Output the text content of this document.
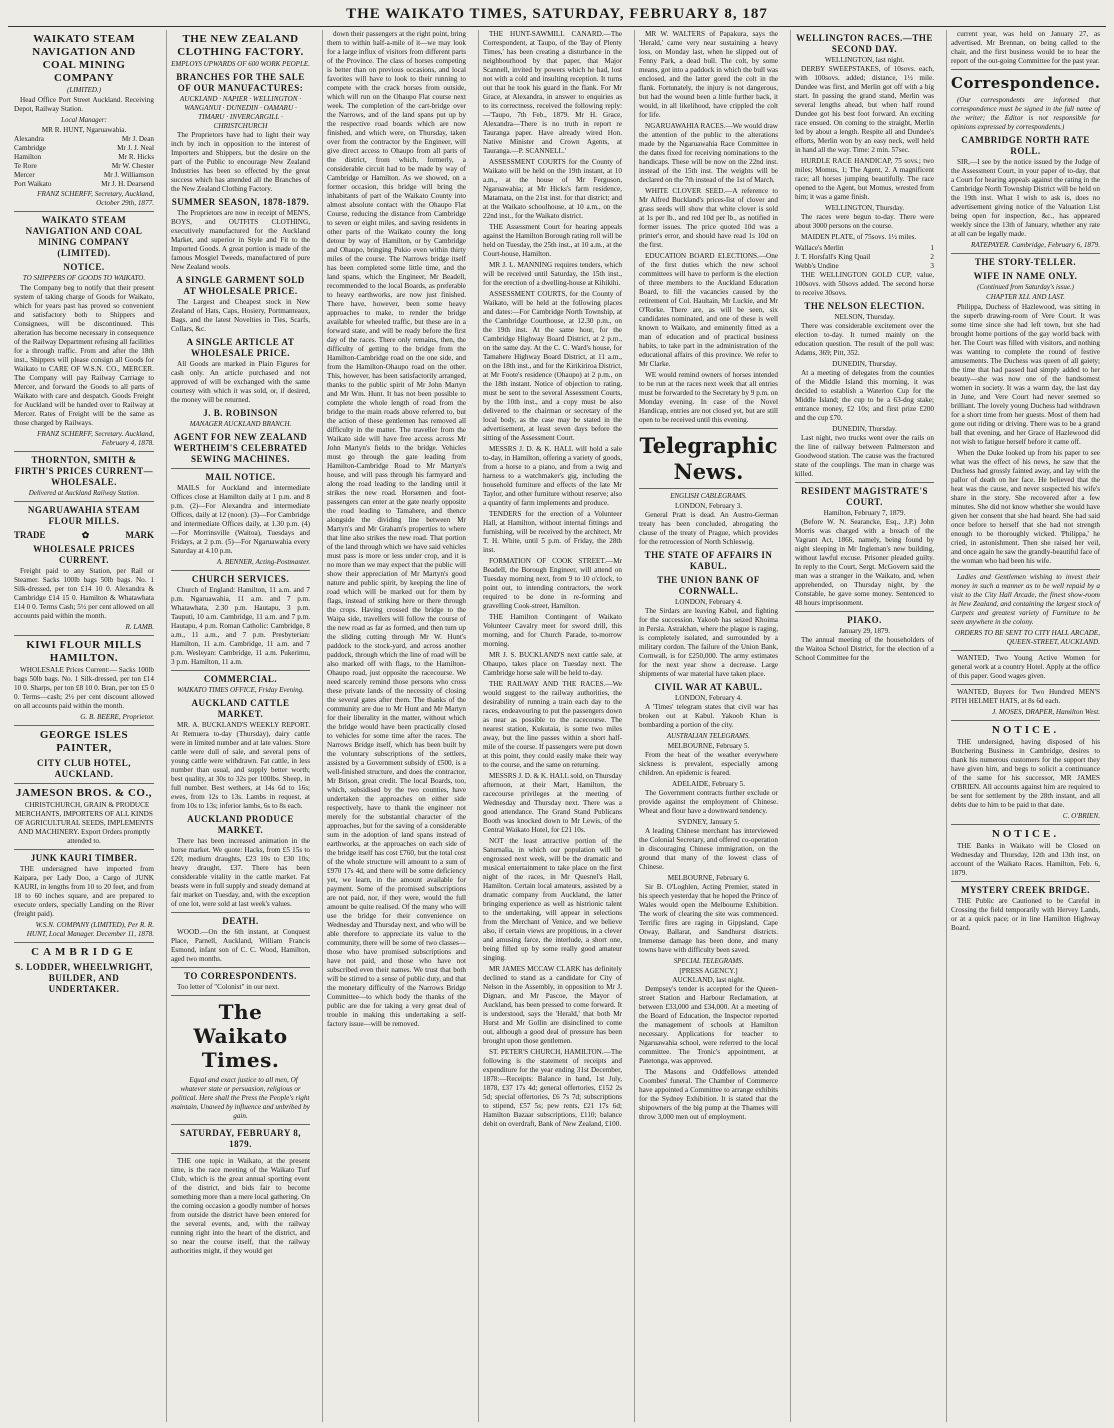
THE WAIKATO TIMES, SATURDAY, FEBRUARY 8, 187
WAIKATO STEAM NAVIGATION AND COAL MINING COMPANY
(LIMITED.)

Head Office Port Street Auckland. Receiving Depot, Railway Station.

Local Manager:
MR R. HUNT, Ngaruawahia.
Alexandra	Mr J. Dean
Cambridge	Mr J. J. Neal
Hamilton	Mr R. Hicks
Te Rore	Mr W. Chester
Mercer	Mr J. Williamson
Port Waikato	Mr J. H. Dearsend
FRANZ SCHERFF, Secretary, Auckland, October 29th, 1877.
WAIKATO STEAM NAVIGATION AND COAL MINING COMPANY (LIMITED).
NOTICE.
TO SHIPPERS OF GOODS TO WAIKATO.

The Company beg to notify that their present system of taking charge of Goods for Waikato, which for years past has proved so convenient and satisfactory both to Shippers and Consignees, will be discontinued. This alteration has become necessary in consequence of the Railway Department refusing all facilities for a through traffic. From and after the 18th inst., Shippers will please consign all Goods for Waikato to CARE OF W.S.N. CO., MERCER. The Company will pay Railway Carriage to Mercer, and forward the Goods to all parts of Waikato with care and despatch. Goods Freight for Auckland will be handed over to Railway at Mercer. Rates of Freight will be the same as those charged by Railways.

FRANZ SCHERFF, Secretary. Auckland, February 4, 1878.
THORNTON, SMITH & FIRTH'S PRICES CURRENT—WHOLESALE.
Delivered at Auckland Railway Station.
NGARUAWAHIA STEAM FLOUR MILLS.
TRADE	✿	MARK
WHOLESALE PRICES CURRENT.

Freight paid to any Station, per Rail or Steamer. Sacks 100lb bags 50lb bags. No. 1 Silk-dressed, per ton £14 10 0. Alexandra & Cambridge £14 15 0. Hamilton & Whatawhata £14 0 0. Terms Cash; 5½ per cent allowed on all accounts paid within the month.

R. LAMB.
KIWI FLOUR MILLS HAMILTON.

WHOLESALE Prices Current:— Sacks 100lb bags 50lb bags. No. 1 Silk-dressed, per ton £14 10 0. Sharps, per ton £8 10 0. Bran, per ton £5 0 0. Terms—cash; 2½ per cent discount allowed on all accounts paid within the month.

G. B. BEERE, Proprietor.
GEORGE ISLES PAINTER,
CITY CLUB HOTEL, AUCKLAND.
JAMESON BROS. & CO.,

CHRISTCHURCH, GRAIN & PRODUCE MERCHANTS, IMPORTERS OF ALL KINDS OF AGRICULTURAL SEEDS, IMPLEMENTS AND MACHINERY. Export Orders promptly attended to.

JUNK KAURI TIMBER.

THE undersigned have imported from Kaipara, per Lady Doo, a Cargo of JUNK KAURI, in lengths from 10 to 20 feet, and from 18 to 60 inches square, and are prepared to execute orders, specially Landing on the River (freight paid).

W.S.N. COMPANY (LIMITED), Per R. R. HUNT, Local Manager. December 11, 1878.
CAMBRIDGE
S. LODDER, WHEELWRIGHT, BUILDER, AND UNDERTAKER.
THE NEW ZEALAND CLOTHING FACTORY.
EMPLOYS UPWARDS OF 600 WORK PEOPLE.
BRANCHES FOR THE SALE OF OUR MANUFACTURES:
AUCKLAND · NAPIER · WELLINGTON · WANGANUI · DUNEDIN · OAMARU · TIMARU · INVERCARGILL · CHRISTCHURCH

The Proprietors have had to light their way inch by inch in opposition to the interest of Importers and Shippers, but the desire on the part of the Public to encourage New Zealand Industries has been so effected by the great success which has attended all the Branches of the New Zealand Clothing Factory.

SUMMER SEASON, 1878-1879.

The Proprietors are now in receipt of MEN'S, BOYS, and OUTFITS CLOTHING, executively manufactured for the Auckland Market, and superior in Style and Fit to the Imported Goods. A great portion is made of the famous Mosgiel Tweeds, manufactured of pure New Zealand wools.

A SINGLE GARMENT SOLD AT WHOLESALE PRICE.

The Largest and Cheapest stock in New Zealand of Hats, Caps, Hosiery, Portmanteaux, Bags, and the latest Novelties in Ties, Scarfs, Collars, &c.

A SINGLE ARTICLE AT WHOLESALE PRICE.

All Goods are marked in Plain Figures for cash only. An article purchased and not approved of will be exchanged with the same courtesy with which it was sold, or, if desired, the money will be returned.

J. B. ROBINSON
MANAGER AUCKLAND BRANCH.
AGENT FOR NEW ZEALAND WERTHEIM'S CELEBRATED SEWING MACHINES.
MAIL NOTICE.

MAILS for Auckland and intermediate Offices close at Hamilton daily at 1 p.m. and 8 p.m. (2)—For Alexandra and intermediate Offices, daily at 12 (noon). (3)—For Cambridge and intermediate Offices daily, at 1.30 p.m. (4)—For Morrinsville (Waitoa), Tuesdays and Fridays, at 2 p.m. (5)—For Ngaruawahia every Saturday at 4.10 p.m.

A. BENNER, Acting-Postmaster.
CHURCH SERVICES.

Church of England: Hamilton, 11 a.m. and 7 p.m. Ngaruawahia, 11 a.m. and 7 p.m. Whatawhata, 2.30 p.m. Hautapu, 3 p.m. Tauputi, 10 a.m. Cambridge, 11 a.m. and 7 p.m. Hautapu, 4 p.m. Roman Catholic: Cambridge, 8 a.m., 11 a.m., and 7 p.m. Presbyterian: Hamilton, 11 a.m. Cambridge, 11 a.m. and 7 p.m. Wesleyan: Cambridge, 11 a.m. Pukerimu, 3 p.m. Hamilton, 11 a.m.

COMMERCIAL.
WAIKATO TIMES OFFICE, Friday Evening.
AUCKLAND CATTLE MARKET.

MR. A. BUCKLAND'S WEEKLY REPORT. At Remuera to-day (Thursday), dairy cattle were in limited number and at late values. Store cattle were dull of sale, and several pens of young cattle were withdrawn. Fat cattle, in less number than usual, and supply better worth; best quality, at 30s to 32s per 100lbs. Sheep, in full number. Best wethers, at 14s 6d to 16s; ewes, from 12s to 13s. Lambs in request, at from 10s to 13s; inferior lambs, 6s to 8s each.

AUCKLAND PRODUCE MARKET.

There has been increased animation in the horse market. We quote: Hacks, from £5 15s to £20; medium draughts, £23 10s to £30 10s; heavy draught, £37. There has been considerable vitality in the cattle market. Fat beasts were in full supply and steady demand at fair market on Tuesday, and, with the exception of one lot, were sold at last week's values.

DEATH.

WOOD.—On the 6th instant, at Conquest Place, Parnell, Auckland, William Francis Esmond, infant son of C. C. Wood, Hamilton, aged two months.

TO CORRESPONDENTS.

Too letter of "Colonist" in our next.

The Waikato Times.

Equal and exact justice to all men, Of whatever state or persuasion, religious or political. Here shall the Press the People's right maintain, Unawed by influence and unbribed by gain.

SATURDAY, FEBRUARY 8, 1879.

THE one topic in Waikato, at the present time, is the race meeting of the Waikato Turf Club, which is the great annual sporting event of the district, and bids fair to become something more than a mere local gathering. On the coming occasion a goodly number of horses from outside the district have been entered for the several events, and, with the railway running right into the heart of the district, and so near the course itself, that the railway authorities might, if they would get

down their passengers at the right point, bring them to within half-a-mile of it—we may look for a large influx of visitors from different parts of the Province. The class of horses competing is better than on previous occasions, and local favorites will have to look to their running to compete with the crack horses from outside, which will run on the Ohaupo Flat course next week. The completion of the cart-bridge over the Narrows, and of the land spans put up by the respective road boards which are now finished, and which were, on Thursday, taken over from the contractor by the Engineer, will give direct access to Ohaupo from all parts of the district, from which, formerly, a considerable circuit had to be made by way of Cambridge or Hamilton. As we showed, on a former occasion, this bridge will bring the inhabitants of part of the Waikato County into almost absolute contact with the Ohaupo Flat Course, reducing the distance from Cambridge to seven or eight miles, and saving residents in other parts of the Waikato county the long detour by way of Hamilton, or by Cambridge and Ohaupo, bringing Pukio even within thirty miles of the course. The Narrows bridge itself has been completed some little time, and the land spans, which the Engineer, Mr Beadell, recommended to the local Boards, as preferable to heavy earthworks, are now just finished. There have, however, been some heavy approaches to make, to render the bridge available for wheeled traffic, but these are in a forward state, and will be ready before the first day of the races. There only remains, then, the difficulty of getting to the bridge from the Hamilton-Cambridge road on the one side, and from the Hamilton-Ohaupo road on the other. This, however, has been satisfactorily arranged, thanks to the public spirit of Mr John Martyn and Mr Wm. Hunt. It has not been possible to complete the whole length of road from the bridge to the main roads above referred to, but the action of these gentlemen has removed all difficulty in the matter. The traveller from the Waikato side will have free access across Mr John Martyn's fields to the bridge. Vehicles must go through the gate leading from Hamilton-Cambridge Road to Mr Martyn's house, and will pass through his farmyard and along the road leading to the landing until it strikes the new road. Horsemen and foot-passengers can enter at the gate nearly opposite the road leading to Tamahere, and thence alongside the dividing line between Mr Martyn's and Mr Graham's properties to where that line also strikes the new road. That portion of the land through which we have said vehicles must pass is more or less under crop, and it is no more than we may expect that the public will show their appreciation of Mr Martyn's good nature and public spirit, by keeping the line of road which will be marked out for them by flags, instead of striking here or there through the crops. Having crossed the bridge to the Waipa side, travellers will follow the course of the new road as far as formed, and then turn up the sliding cutting through Mr W. Hunt's paddock to the stock-yard, and across another paddock, through which the line of road will be also marked off with flags, to the Hamilton-Ohaupo road, just opposite the racecourse. We need scarcely remind those persons who cross these private lands of the necessity of closing the several gates after them. The thanks of the community are due to Mr Hunt and Mr Martyn for their liberality in the matter, without which the bridge would have been practically closed to vehicles for some time after the races. The Narrows Bridge itself, which has been built by the voluntary subscriptions of the settlers, assisted by a Government subsidy of £500, is a well-finished structure, and does the contractor, Mr Brison, great credit. The local Boards, too, which, subsidised by the two counties, have undertaken the approaches on either side respectively, have to thank the engineer not merely for the substantial character of the approaches, but for the saving of a considerable sum in the adoption of land spans instead of earthworks, at the approaches on each side of the bridge itself has cost £760, but the total cost of the whole structure will amount to a sum of £970 17s 4d, and there will be some deficiency yet, we learn, in the amount available for payment. Some of the promised subscriptions are not paid, nor, if they were, would the full amount be quite realised. Of the many who will use the bridge for their convenience on Wednesday and Thursday next, and who will be able therefore to appreciate its value to the community, there will be some of two classes—those who have promised subscriptions and have not paid, and those who have not subscribed even their names. We trust that both will be stirred to a sense of public duty, and that the monetary difficulty of the Narrows Bridge Committee—to which body the thanks of the public are due for taking a very great deal of trouble in making this undertaking a self-factory issue—will be removed.

THE HUNT-SAWMILL CANARD.—The Correspondent, at Taupo, of the 'Bay of Plenty Times,' has been creating a disturbance in the neighbourhood by that paper, that Major Scannell, invited by powers which he had, lost not with a cold and insulting reception. It turns out that he took his guard in the flank. For Mr Grace, at Alexandra, in answer to enquiries as to its correctness, received the following reply:—'Taupo, 7th Feb., 1879. Mr H. Grace, Alexandra—There is no truth in report re Tauranga paper. Have already wired Hon. Native Minister and Crown Agents, at Tauranga.—P. SCANNELL.'

ASSESSMENT COURTS for the County of Waikato will be held on the 19th instant, at 10 a.m., at the house of Mr Ferguson, Ngaruawahia; at Mr Hicks's farm residence, Matamata, on the 21st inst. for that district; and at the Waikato schoolhouse, at 10 a.m., on the 22nd inst., for the Waikato district.

THE Assessment Court for hearing appeals against the Hamilton Borough rating roll will be held on Tuesday, the 25th inst., at 10 a.m., at the Court-house, Hamilton.

MR J. L. MANNING requires tenders, which will be received until Saturday, the 15th inst., for the erection of a dwelling-house at Kihikihi.

ASSESSMENT COURTS, for the County of Waikato, will be held at the following places and dates:—For Cambridge North Township, at the Cambridge Courthouse, at 12.30 p.m., on the 19th inst. At the same hour, for the Cambridge Highway Board District, at 2 p.m., on the same day. At the C. C. Ward's house, for Tamahere Highway Board District, at 11 a.m., on the 18th inst., and for the Kirikiriroa District, at Mr Foote's residence (Ohaupo) at 2 p.m., on the 18th instant. Notice of objection to rating, must be sent to the several Assessment Courts, by the 10th inst., and a copy must be also delivered to the chairman or secretary of the local body, as the case may be stated in the advertisement, at least seven days before the sitting of the Assessment Court.

MESSRS J. D. & K. HALL will hold a sale to-day, in Hamilton, offering a variety of goods, from a horse to a piano, and from a twig and harness to a watchmaker's gig, including the household furniture and effects of the late Mr Taylor, and other furniture without reserve; also a quantity of farm implements and produce.

TENDERS for the erection of a Volunteer Hall, at Hamilton, without internal fittings and furnishing, will be received by the architect, Mr T. H. White, until 5 p.m. of Friday, the 28th inst.

FORMATION OF COOK STREET.—Mr Beadell, the Borough Engineer, will attend on Tuesday morning next, from 9 to 10 o'clock, to point out, to intending contractors, the work required to be done in re-forming and gravelling Cook-street, Hamilton.

THE Hamilton Contingent of Waikato Volunteer Cavalry meet for sword drill, this morning, and for Church Parade, to-morrow morning.

MR J. S. BUCKLAND'S next cattle sale, at Ohaupo, takes place on Tuesday next. The Cambridge horse sale will be held to-day.

THE RAILWAY AND THE RACES.—We would suggest to the railway authorities, the desirability of running a train each day to the races, endeavouring to put the passengers down as near as possible to the racecourse. The nearest station, Kukutaia, is some two miles away, but the line passes within a short half-mile of the course. If passengers were put down at this point, they could easily make their way to the course, and the same on returning.

MESSRS J. D. & K. HALL sold, on Thursday afternoon, at their Mart, Hamilton, the racecourse privileges at the meeting of Wednesday and Thursday next. There was a good attendance. The Grand Stand Publicans Booth was knocked down to Mr Lewis, of the Central Waikato Hotel, for £21 10s.

NOT the least attractive portion of the Saturnalia, in which our population will be engrossed next week, will be the dramatic and musical entertainment to take place on the first night of the races, in Mr Quesnel's Hall, Hamilton. Certain local amateurs, assisted by a dramatic company from Auckland, the latter bringing experience as well as histrionic talent to the undertaking, will appear in selections from the Merchant of Venice, and we believe also, if certain views are propitious, in a clever and amusing farce, the interlude, a short one, being filled up by some really good amateur singing.

MR JAMES MCCAW CLARK has definitely declined to stand as a candidate for City of Nelson in the Assembly, in opposition to Mr J. Dignan, and Mr Pascoe, the Mayor of Auckland, has been pressed to come forward. It is understood, says the 'Herald,' that both Mr Hurst and Mr Gollin are disinclined to come out, although a good deal of pressure has been brought upon those gentlemen.

ST. PETER'S CHURCH, HAMILTON.—The following is the statement of receipts and expenditure for the year ending 31st December, 1878:—Receipts: Balance in hand, 1st July, 1878, £37 17s 4d; general offertories, £152 2s 5d; special offertories, £6 7s 7d; subscriptions to stipend, £57 5s; pew rents, £21 17s 6d; Hamilton Bazaar subscriptions, £110; balance debit on overdraft, Bank of New Zealand, £100.

MR W. WALTERS of Papakura, says the 'Herald,' came very near sustaining a heavy loss, on Monday last, when he slipped out of Fenny Park, a dead bull. The colt, by some means, got into a paddock in which the bull was enclosed, and the latter gored the colt in the flank. Fortunately, the injury is not dangerous, but had the wound been a little further back, it would, in all likelihood, have crippled the colt for life.

NGARUAWAHIA RACES.—We would draw the attention of the public to the alterations made by the Ngaruawahia Race Committee in the dates fixed for receiving nominations to the handicaps. These will be now on the 22nd inst. instead of the 15th inst. The weights will be declared on the 7th instead of the 1st of March.

WHITE CLOVER SEED.—A reference to Mr Alfred Buckland's prices-list of clover and grass seeds will show that white clover is sold at 1s per lb., and red 10d per lb., as notified in former issues. The price quoted 10d was a printer's error, and should have read 1s 10d on the first.

EDUCATION BOARD ELECTIONS.—One of the first duties which the new school committees will have to perform is the election of three members to the Auckland Education Board, to fill the vacancies caused by the retirement of Col. Haultain, Mr Luckie, and Mr O'Rorke. There are, as will be seen, six candidates nominated, and one of these is well known to Waikato, and eminently fitted as a man of education and of practical business habits, to take part in the administration of the educational affairs of this province. We refer to Mr Clarke.

WE would remind owners of horses intended to be run at the races next week that all entries must be forwarded to the Secretary by 9 p.m. on Monday evening. In case of the Novel Handicap, entries are not closed yet, but are still open to be received until this evening.

Telegraphic News.
ENGLISH CABLEGRAMS.
LONDON, February 3.

General Pratt is dead. An Austro-German treaty has been concluded, abrogating the clause of the treaty of Prague, which provides for the retrocession of North Schleswig.

THE STATE OF AFFAIRS IN KABUL.
THE UNION BANK OF CORNWALL.
LONDON, February 4.

The Sirdars are leaving Kabul, and fighting for the succession. Yakoob has seized Khoima in Persia. Astrakhan, where the plague is raging, is completely isolated, and surrounded by a military cordon. The failure of the Union Bank, Cornwall, is for £250,000. The army estimates for the next year show a decrease. Large shipments of war material have taken place.

CIVIL WAR AT KABUL.
LONDON, February 4.

A 'Times' telegram states that civil war has broken out at Kabul. Yakoob Khan is bombarding a portion of the city.

AUSTRALIAN TELEGRAMS.
MELBOURNE, February 5.

From the heat of the weather everywhere sickness is prevalent, especially among children. An epidemic is feared.

ADELAIDE, February 5.

The Government contracts further exclude or provide against the employment of Chinese. Wheat and flour have a downward tendency.

SYDNEY, January 5.

A leading Chinese merchant has interviewed the Colonial Secretary, and offered co-operation in discouraging Chinese immigration, on the ground that many of the lowest class of Chinese.

MELBOURNE, February 6.

Sir B. O'Loghlen, Acting Premier, stated in his speech yesterday that he hoped the Prince of Wales would open the Melbourne Exhibition. The work of clearing the site was commenced. Terrific fires are raging in Gippsland, Cape Otway, Ballarat, and Sandhurst districts. Immense damage has been done, and many towns have with difficulty been saved.

SPECIAL TELEGRAMS.
[PRESS AGENCY.]
AUCKLAND, last night.

Dempsey's tender is accepted for the Queen-street Station and Harbour Reclamation, at between £33,000 and £34,000. At a meeting of the Board of Education, the Inspector reported the management of schools at Hamilton necessary. Applications for teacher to Ngaruawahia school, were referred to the local committee. The Tronic's appointment, at Patetonga, was approved.

The Masons and Oddfellows attended Coombes' funeral. The Chamber of Commerce have appointed a Committee to arrange exhibits for the Sydney Exhibition. It is stated that the shipowners of the big pump at the Thames will throw 3,000 men out of employment.

WELLINGTON RACES.—THE SECOND DAY.
WELLINGTON, last night.

DERBY SWEEPSTAKES, of 10sovs. each, with 100sovs. added; distance, 1½ mile. Dundee was first, and Merlin got off with a big start. In passing the grand stand, Merlin was several lengths ahead, but when half round Dundee got his best foot forward. An exciting race ensued. On coming to the straight, Merlin led by about a length. Respite all and Dundee's efforts, Merlin won by an easy neck, well held in hand all the way. Time: 2 min. 57sec.

HURDLE RACE HANDICAP, 75 sovs.; two miles; Momus, 1; The Agent, 2. A magnificent race; all horses jumping beautifully. The race opened to the Agent, but Momus, wrested from him; it was a game finish.

WELLINGTON, Thursday.

The races were begun to-day. There were about 3000 persons on the course.

MAIDEN PLATE, of 75sovs. 1½ miles.

Wallace's Merlin	1
J. T. Horsfall's King Quail	2
Webb's Undine	3

THE WELLINGTON GOLD CUP, value, 100sovs. with 50sovs added. The second horse to receive 30sovs.

THE NELSON ELECTION.
NELSON, Thursday.

There was considerable excitement over the election to-day. It turned mainly on the education question. The result of the poll was: Adams, 369; Pitt, 352.

DUNEDIN, Thursday.

At a meeting of delegates from the counties of the Middle Island this morning, it was decided to establish a Waterloo Cup for the Middle Island; the cup to be a 63-dog stake; entrance money, £2 10s; and first prize £200 and the cup £70.

DUNEDIN, Thursday.

Last night, two trucks went over the rails on the line of railway between Palmerston and Goodwood station. The cause was the fractured state of the couplings. The man in charge was killed.

RESIDENT MAGISTRATE'S COURT.
Hamilton, February 7, 1879.

(Before W. N. Searancke, Esq., J.P.) John Morris was charged with a breach of the Vagrant Act, 1866, namely, being found by night sleeping in Mr Ingleman's new building, without lawful excuse. Prisoner pleaded guilty. In reply to the Court, Sergt. McGovern said the man was a stranger in the Waikato, and, when apprehended, on Thursday night, by the Constable, he gave some money. Sentenced to 48 hours imprisonment.

PIAKO.
January 29, 1879.

The annual meeting of the householders of the Waitoa School District, for the election of a School Committee for the

current year, was held on January 27, as advertised. Mr Brennan, on being called to the chair, and the first business would be to hear the report of the out-going Committee for the past year.

Correspondence.

(Our correspondents are informed that correspondence must be signed in the full name of the writer; the Editor is not responsible for opinions expressed by correspondents.)

CAMBRIDGE NORTH RATE ROLL.

SIR,—I see by the notice issued by the Judge of the Assessment Court, in your paper of to-day, that a Court for hearing appeals against the rating in the Cambridge North Township District will be held on the 19th inst. What I wish to ask is, does no advertisement giving notice of the Valuation List being open for inspection, &c., has appeared weekly since the 13th of January, whether any rate at all can be legally made.

RATEPAYER. Cambridge, February 6, 1879.
THE STORY-TELLER.
WIFE IN NAME ONLY.
(Continued from Saturday's issue.)
CHAPTER XLI. AND LAST.

Philippa, Duchess of Hazlewood, was sitting in the superb drawing-room of Vere Court. It was some time since she had left town, but she had brought home portions of the gay world back with her. The Court was filled with visitors, and nothing was wanting to complete the round of festive amusements. The Duchess was queen of all gaiety; the time that had passed had simply added to her beauty—she was now one of the handsomest women in society. It was a warm day, the last day in June, and Vere Court had never seemed so brilliant. The lovely young Duchess had withdrawn for a short time from her guests. Most of them had gone out riding or driving. There was to be a grand ball that evening, and her Grace of Hazlewood did not wish to fatigue herself before it came off.

When the Duke looked up from his paper to see what was the effect of his news, he saw that the Duchess had grossly fainted away, and lay with the pallor of death on her face. He believed that the heat was the cause, and never suspected his wife's share in the story. She recovered after a few minutes. She did not know whether she would have given her consent that she had heard. She had said once before to herself that she had not strength enough to be thoroughly wicked. 'Philippa,' he cried, in astonishment. Then she raised her veil, and once again he saw the grandly-beautiful face of the woman who had been his wife.

Ladies and Gentlemen wishing to invest their money in such a manner as to be well repaid by a visit to the City Hall Arcade, the finest show-room in New Zealand, and containing the largest stock of Carpets and greatest variety of Furniture to be seen anywhere in the colony.

ORDERS TO BE SENT TO CITY HALL ARCADE, QUEEN-STREET, AUCKLAND.

WANTED, Two Young Active Women for general work at a country Hotel. Apply at the office of this paper. Good wages given.

WANTED, Buyers for Two Hundred MEN'S PITH HELMET HATS, at 8s 6d each.

J. MOSES, DRAPER, Hamilton West.
NOTICE.

THE undersigned, having disposed of his Butchering Business in Cambridge, desires to thank his numerous customers for the support they have given him, and begs to solicit a continuance of the same for his successor, MR JAMES O'BRIEN. All accounts against him are required to be sent for settlement by the 28th instant, and all debts due to him to be paid to that date.

C. O'BRIEN.
NOTICE.

THE Banks in Waikato will be Closed on Wednesday and Thursday, 12th and 13th inst, on account of the Waikato Races. Hamilton, Feb. 6, 1879.

MYSTERY CREEK BRIDGE.

THE Public are Cautioned to be Careful in Crossing the field temporarily with Hervey Lands, or at a quick pace; or in line Hamilton Highway Board.
